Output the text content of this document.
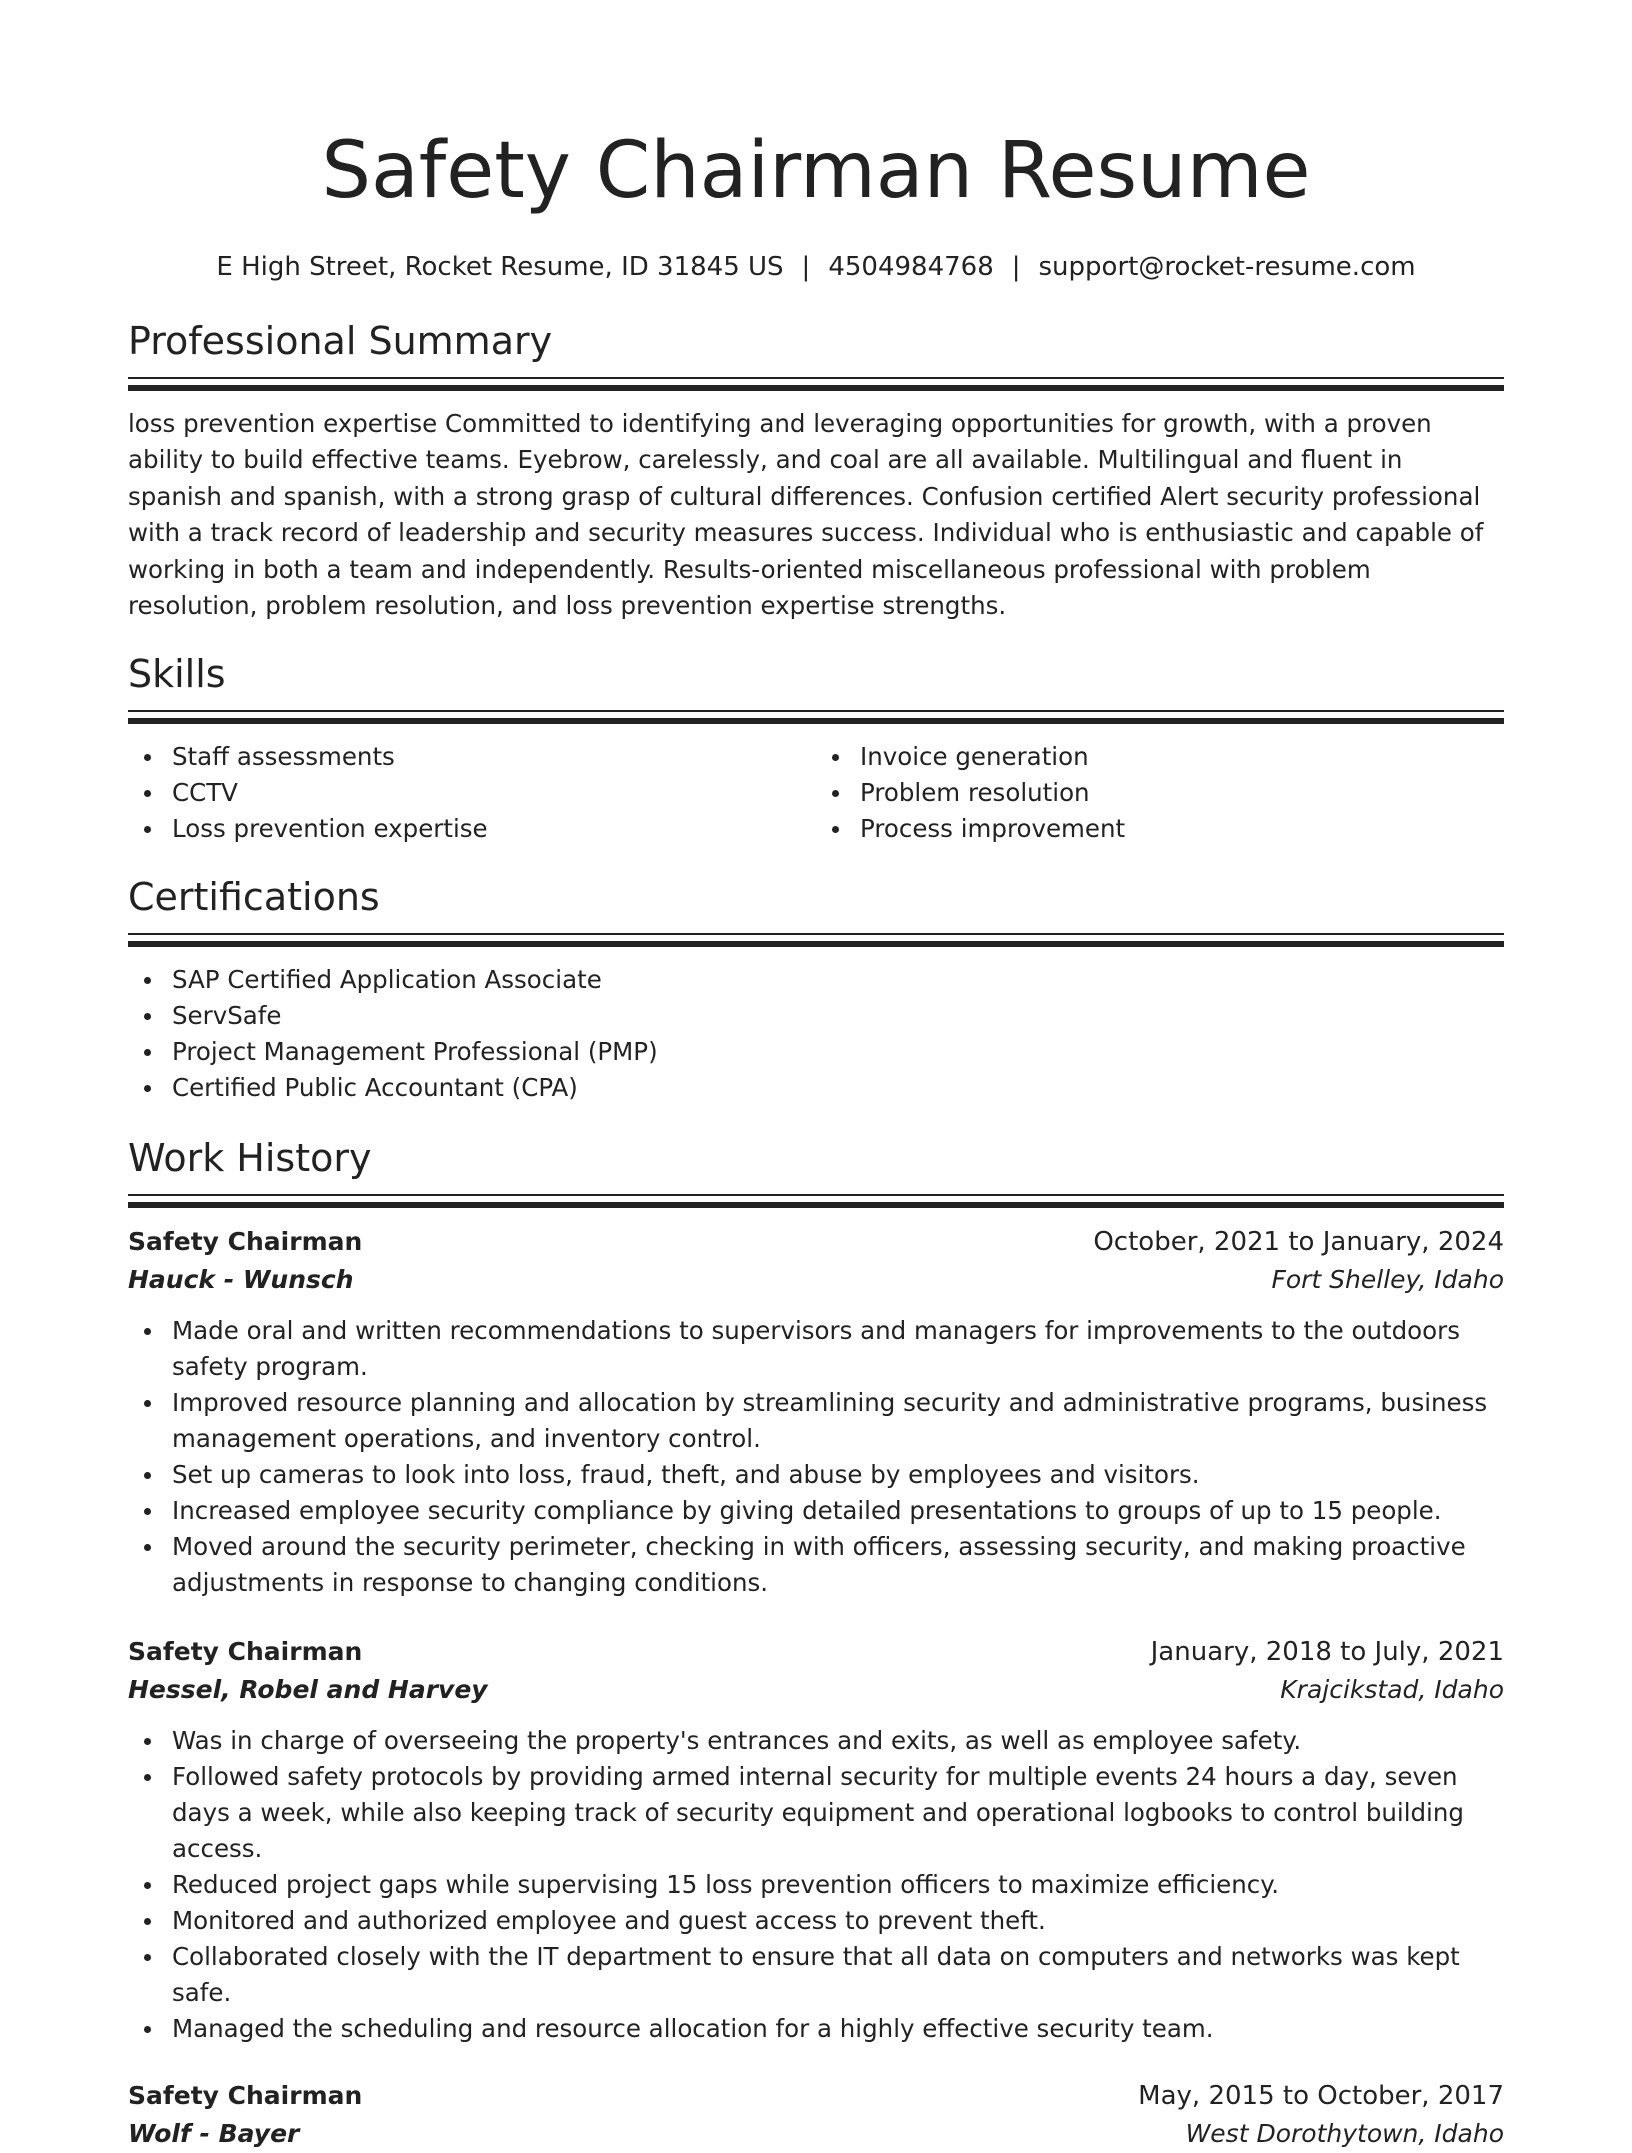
Safety Chairman Resume
E High Street, Rocket Resume, ID 31845 US | 4504984768 | support@rocket-resume.com
Professional Summary
loss prevention expertise Committed to identifying and leveraging opportunities for growth, with a proven ability to build effective teams. Eyebrow, carelessly, and coal are all available. Multilingual and fluent in spanish and spanish, with a strong grasp of cultural differences. Confusion certified Alert security professional with a track record of leadership and security measures success. Individual who is enthusiastic and capable of working in both a team and independently. Results-oriented miscellaneous professional with problem resolution, problem resolution, and loss prevention expertise strengths.
Skills
Staff assessments
CCTV
Loss prevention expertise
Invoice generation
Problem resolution
Process improvement
Certifications
SAP Certified Application Associate
ServSafe
Project Management Professional (PMP)
Certified Public Accountant (CPA)
Work History
Safety Chairman	October, 2021 to January, 2024
Hauck - Wunsch	Fort Shelley, Idaho
Made oral and written recommendations to supervisors and managers for improvements to the outdoors safety program.
Improved resource planning and allocation by streamlining security and administrative programs, business management operations, and inventory control.
Set up cameras to look into loss, fraud, theft, and abuse by employees and visitors.
Increased employee security compliance by giving detailed presentations to groups of up to 15 people.
Moved around the security perimeter, checking in with officers, assessing security, and making proactive adjustments in response to changing conditions.
Safety Chairman	January, 2018 to July, 2021
Hessel, Robel and Harvey	Krajcikstad, Idaho
Was in charge of overseeing the property's entrances and exits, as well as employee safety.
Followed safety protocols by providing armed internal security for multiple events 24 hours a day, seven days a week, while also keeping track of security equipment and operational logbooks to control building access.
Reduced project gaps while supervising 15 loss prevention officers to maximize efficiency.
Monitored and authorized employee and guest access to prevent theft.
Collaborated closely with the IT department to ensure that all data on computers and networks was kept safe.
Managed the scheduling and resource allocation for a highly effective security team.
Safety Chairman	May, 2015 to October, 2017
Wolf - Bayer	West Dorothytown, Idaho
